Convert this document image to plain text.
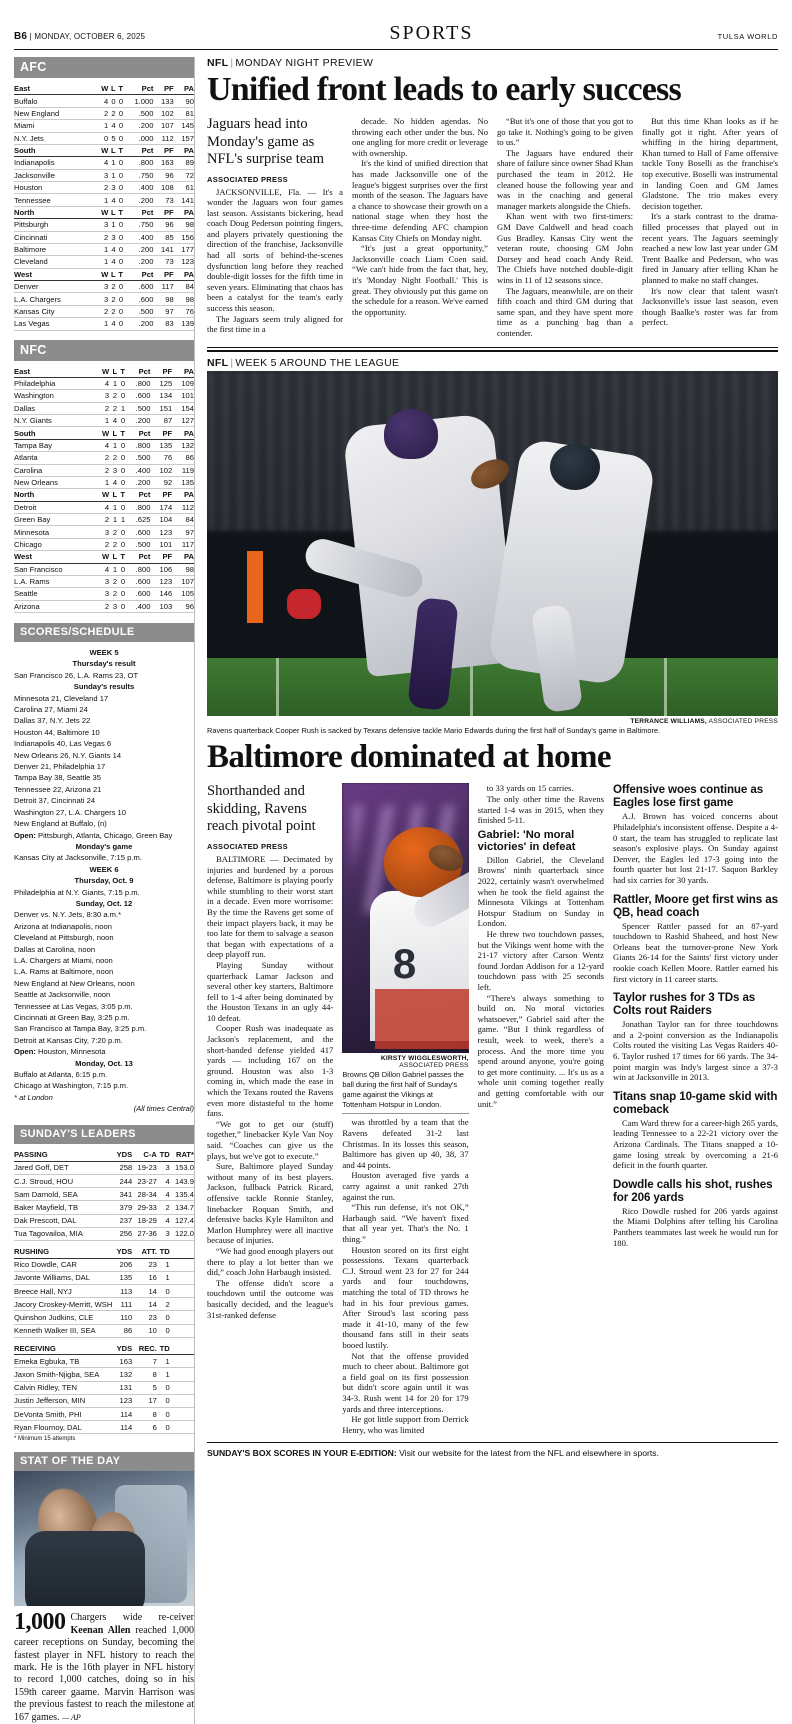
B6 | MONDAY, OCTOBER 6, 2025	SPORTS	TULSA WORLD
AFC
East	W	L	T	Pct	PF	PA
Buffalo	4	0	0	1.000	133	90
New England	2	2	0	.500	102	81
Miami	1	4	0	.200	107	145
N.Y. Jets	0	5	0	.000	112	157
South	W	L	T	Pct	PF	PA
Indianapolis	4	1	0	.800	163	89
Jacksonville	3	1	0	.750	96	72
Houston	2	3	0	.400	108	61
Tennessee	1	4	0	.200	73	141
North	W	L	T	Pct	PF	PA
Pittsburgh	3	1	0	.750	96	98
Cincinnati	2	3	0	.400	85	156
Baltimore	1	4	0	.200	141	177
Cleveland	1	4	0	.200	73	123
West	W	L	T	Pct	PF	PA
Denver	3	2	0	.600	117	84
L.A. Chargers	3	2	0	.600	98	98
Kansas City	2	2	0	.500	97	76
Las Vegas	1	4	0	.200	83	139
NFC
East	W	L	T	Pct	PF	PA
Philadelphia	4	1	0	.800	125	109
Washington	3	2	0	.600	134	101
Dallas	2	2	1	.500	151	154
N.Y. Giants	1	4	0	.200	87	127
South	W	L	T	Pct	PF	PA
Tampa Bay	4	1	0	.800	135	132
Atlanta	2	2	0	.500	76	86
Carolina	2	3	0	.400	102	119
New Orleans	1	4	0	.200	92	135
North	W	L	T	Pct	PF	PA
Detroit	4	1	0	.800	174	112
Green Bay	2	1	1	.625	104	84
Minnesota	3	2	0	.600	123	97
Chicago	2	2	0	.500	101	117
West	W	L	T	Pct	PF	PA
San Francisco	4	1	0	.800	106	98
L.A. Rams	3	2	0	.600	123	107
Seattle	3	2	0	.600	146	105
Arizona	2	3	0	.400	103	96
SCORES/SCHEDULE
WEEK 5
Thursday's result
San Francisco 26, L.A. Rams 23, OT
Sunday's results
Minnesota 21, Cleveland 17
Carolina 27, Miami 24
Dallas 37, N.Y. Jets 22
Houston 44, Baltimore 10
Indianapolis 40, Las Vegas 6
New Orleans 26, N.Y. Giants 14
Denver 21, Philadelphia 17
Tampa Bay 38, Seattle 35
Tennessee 22, Arizona 21
Detroit 37, Cincinnati 24
Washington 27, L.A. Chargers 10
New England at Buffalo, (n)
Open: Pittsburgh, Atlanta, Chicago, Green Bay
Monday's game
Kansas City at Jacksonville, 7:15 p.m.
WEEK 6
Thursday, Oct. 9
Philadelphia at N.Y. Giants, 7:15 p.m.
Sunday, Oct. 12
Denver vs. N.Y. Jets, 8:30 a.m.*
Arizona at Indianapolis, noon
Cleveland at Pittsburgh, noon
Dallas at Carolina, noon
L.A. Chargers at Miami, noon
L.A. Rams at Baltimore, noon
New England at New Orleans, noon
Seattle at Jacksonville, noon
Tennessee at Las Vegas, 3:05 p.m.
Cincinnati at Green Bay, 3:25 p.m.
San Francisco at Tampa Bay, 3:25 p.m.
Detroit at Kansas City, 7:20 p.m.
Open: Houston, Minnesota
Monday, Oct. 13
Buffalo at Atlanta, 6:15 p.m.
Chicago at Washington, 7:15 p.m.
* at London
(All times Central)
SUNDAY'S LEADERS
PASSING	YDS	C-A	TD	RAT*
Jared Goff, DET	258	19-23	3	153.0
C.J. Stroud, HOU	244	23-27	4	143.9
Sam Darnold, SEA	341	28-34	4	135.4
Baker Mayfield, TB	379	29-33	2	134.7
Dak Prescott, DAL	237	18-29	4	127.4
Tua Tagovailoa, MIA	256	27-36	3	122.0
RUSHING	YDS	ATT.	TD	
Rico Dowdle, CAR	206	23	1	
Javonte Williams, DAL	135	16	1	
Breece Hall, NYJ	113	14	0	
Jacory Croskey-Merritt, WSH	111	14	2	
Quinshon Judkins, CLE	110	23	0	
Kenneth Walker III, SEA	86	10	0	
RECEIVING	YDS	REC.	TD	
Emeka Egbuka, TB	163	7	1	
Jaxon Smith-Njigba, SEA	132	8	1	
Calvin Ridley, TEN	131	5	0	
Justin Jefferson, MIN	123	17	0	
DeVonta Smith, PHI	114	8	0	
Ryan Flournoy, DAL	114	6	0	
* Minimum 15 attempts
STAT OF THE DAY
1,000 Chargers wide re-ceiver Keenan Allen reached 1,000 career receptions on Sunday, becoming the fastest player in NFL history to reach the mark. He is the 16th player in NFL history to record 1,000 catches, doing so in his 159th career gaame. Marvin Harrison was the previous fastest to reach the milestone at 167 games. — AP
NFL | MONDAY NIGHT PREVIEW
Unified front leads to early success
Jaguars head into Monday's game as NFL's surprise team
ASSOCIATED PRESS

JACKSONVILLE, Fla. — It's a wonder the Jaguars won four games last season. Assistants bickering, head coach Doug Pederson pointing fingers, and players privately questioning the direction of the franchise, Jacksonville had all sorts of behind-the-scenes dysfunction long before they reached double-digit losses for the fifth time in seven years. Eliminating that chaos has been a catalyst for the team's early success this season.

The Jaguars seem truly aligned for the first time in a

decade. No hidden agendas. No throwing each other under the bus. No one angling for more credit or leverage with ownership.

It's the kind of unified direction that has made Jacksonville one of the league's biggest surprises over the first month of the season. The Jaguars have a chance to showcase their growth on a national stage when they host the three-time defending AFC champion Kansas City Chiefs on Monday night.

“It's just a great opportunity,” Jacksonville coach Liam Coen said. “We can't hide from the fact that, hey, it's 'Monday Night Football.' This is great. They obviously put this game on the schedule for a reason. We've earned the opportunity.

“But it's one of those that you got to go take it. Nothing's going to be given to us.”

The Jaguars have endured their share of failure since owner Shad Khan purchased the team in 2012. He cleaned house the following year and was in the coaching and general manager markets alongside the Chiefs.

Khan went with two first-timers: GM Dave Caldwell and head coach Gus Bradley. Kansas City went the veteran route, choosing GM John Dorsey and head coach Andy Reid. The Chiefs have notched double-digit wins in 11 of 12 seasons since.

The Jaguars, meanwhile, are on their fifth coach and third GM during that same span, and they have spent more time as a punching bag than a contender.

But this time Khan looks as if he finally got it right. After years of whiffing in the hiring department, Khan turned to Hall of Fame offensive tackle Tony Boselli as the franchise's top executive. Boselli was instrumental in landing Coen and GM James Gladstone. The trio makes every decision together.

It's a stark contrast to the drama-filled processes that played out in recent years. The Jaguars seemingly reached a new low last year under GM Trent Baalke and Pederson, who was fired in January after telling Khan he planned to make no staff changes.

It's now clear that talent wasn't Jacksonville's issue last season, even though Baalke's roster was far from perfect.

NFL | WEEK 5 AROUND THE LEAGUE
TERRANCE WILLIAMS, ASSOCIATED PRESS
Ravens quarterback Cooper Rush is sacked by Texans defensive tackle Mario Edwards during the first half of Sunday's game in Baltimore.
Baltimore dominated at home
Shorthanded and skidding, Ravens reach pivotal point
ASSOCIATED PRESS

BALTIMORE — Decimated by injuries and burdened by a porous defense, Baltimore is playing poorly while stumbling to their worst start in a decade. Even more worrisome: By the time the Ravens get some of their impact players back, it may be too late for them to salvage a season that began with expectations of a deep playoff run.

Playing Sunday without quarterback Lamar Jackson and several other key starters, Baltimore fell to 1-4 after being dominated by the Houston Texans in an ugly 44-10 defeat.

Cooper Rush was inadequate as Jackson's replacement, and the short-handed defense yielded 417 yards — including 167 on the ground. Houston was also 1-3 coming in, which made the ease in which the Texans routed the Ravens even more distasteful to the home fans.

“We got to get our (stuff) together,” linebacker Kyle Van Noy said. “Coaches can give us the plays, but we've got to execute.”

Sure, Baltimore played Sunday without many of its best players. Jackson, fullback Patrick Ricard, offensive tackle Ronnie Stanley, linebacker Roquan Smith, and defensive backs Kyle Hamilton and Marlon Humphrey were all inactive because of injuries.

“We had good enough players out there to play a lot better than we did,” coach John Harbaugh insisted.

The offense didn't score a touchdown until the outcome was basically decided, and the league's 31st-ranked defense

8
KIRSTY WIGGLESWORTH, ASSOCIATED PRESS
Browns QB Dillon Gabriel passes the ball during the first half of Sunday's game against the Vikings at Tottenham Hotspur in London.

was throttled by a team that the Ravens defeated 31-2 last Christmas. In its losses this season, Baltimore has given up 40, 38, 37 and 44 points.

Houston averaged five yards a carry against a unit ranked 27th against the run.

“This run defense, it's not OK,” Harbaugh said. “We haven't fixed that all year yet. That's the No. 1 thing.”

Houston scored on its first eight possessions. Texans quarterback C.J. Stroud went 23 for 27 for 244 yards and four touchdowns, matching the total of TD throws he had in his four previous games. After Stroud's last scoring pass made it 41-10, many of the few thousand fans still in their seats booed lustily.

Not that the offense provided much to cheer about. Baltimore got a field goal on its first possession but didn't score again until it was 34-3. Rush went 14 for 20 for 179 yards and three interceptions.

He got little support from Derrick Henry, who was limited

to 33 yards on 15 carries.

The only other time the Ravens started 1-4 was in 2015, when they finished 5-11.

Gabriel: 'No moral victories' in defeat

Dillon Gabriel, the Cleveland Browns' ninth quarterback since 2022, certainly wasn't overwhelmed when he took the field against the Minnesota Vikings at Tottenham Hotspur Stadium on Sunday in London.

He threw two touchdown passes, but the Vikings went home with the 21-17 victory after Carson Wentz found Jordan Addison for a 12-yard touchdown pass with 25 seconds left.

“There's always something to build on. No moral victories whatsoever,” Gabriel said after the game. “But I think regardless of result, week to week, there's a process. And the more time you spend around anyone, you're going to get more continuity. ... It's us as a whole unit coming together really and getting comfortable with our unit.”

Offensive woes continue as Eagles lose first game

A.J. Brown has voiced concerns about Philadelphia's inconsistent offense. Despite a 4-0 start, the team has struggled to replicate last season's explosive plays. On Sunday against Denver, the Eagles led 17-3 going into the fourth quarter but lost 21-17. Saquon Barkley had six carries for 30 yards.

Rattler, Moore get first wins as QB, head coach

Spencer Rattler passed for an 87-yard touchdown to Rashid Shaheed, and host New Orleans beat the turnover-prone New York Giants 26-14 for the Saints' first victory under rookie coach Kellen Moore. Rattler earned his first victory in 11 career starts.

Taylor rushes for 3 TDs as Colts rout Raiders

Jonathan Taylor ran for three touchdowns and a 2-point conversion as the Indianapolis Colts routed the visiting Las Vegas Raiders 40-6. Taylor rushed 17 times for 66 yards. The 34-point margin was Indy's largest since a 37-3 win at Jacksonville in 2013.

Titans snap 10-game skid with comeback

Cam Ward threw for a career-high 265 yards, leading Tennessee to a 22-21 victory over the Arizona Cardinals. The Titans snapped a 10-game losing streak by overcoming a 21-6 deficit in the fourth quarter.

Dowdle calls his shot, rushes for 206 yards

Rico Dowdle rushed for 206 yards against the Miami Dolphins after telling his Carolina Panthers teammates last week he would run for 180.

SUNDAY'S BOX SCORES IN YOUR E-EDITION: Visit our website for the latest from the NFL and elsewhere in sports.
